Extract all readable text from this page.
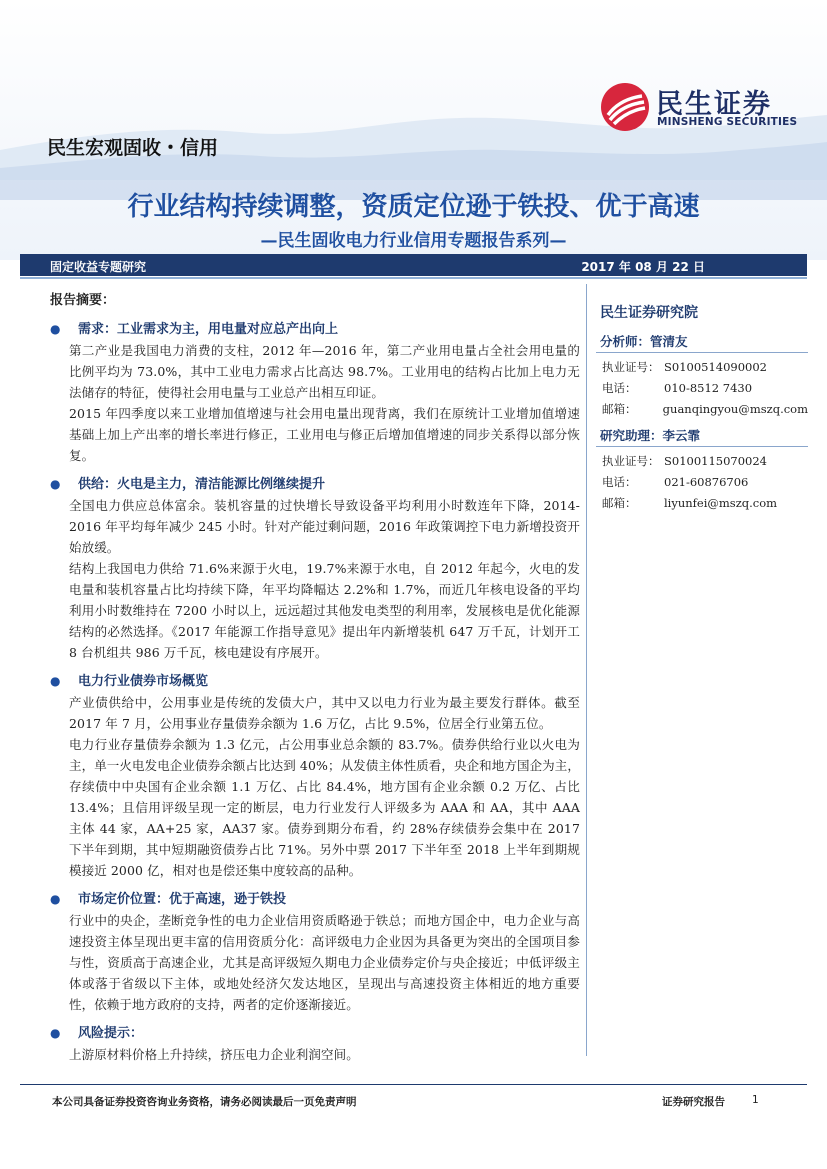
民生证券
MINSHENG SECURITIES
民生宏观固收・信用
行业结构持续调整，资质定位逊于铁投、优于高速
—民生固收电力行业信用专题报告系列—
固定收益专题研究	2017 年 08 月 22 日
报告摘要：
● 需求：工业需求为主，用电量对应总产出向上
第二产业是我国电力消费的支柱，2012 年—2016 年，第二产业用电量占全社会用电量的比例平均为 73.0%，其中工业电力需求占比高达 98.7%。工业用电的结构占比加上电力无法储存的特征，使得社会用电量与工业总产出相互印证。
2015 年四季度以来工业增加值增速与社会用电量出现背离，我们在原统计工业增加值增速基础上加上产出率的增长率进行修正，工业用电与修正后增加值增速的同步关系得以部分恢复。
● 供给：火电是主力，清洁能源比例继续提升
全国电力供应总体富余。装机容量的过快增长导致设备平均利用小时数连年下降，2014-2016 年平均每年减少 245 小时。针对产能过剩问题，2016 年政策调控下电力新增投资开始放缓。
结构上我国电力供给 71.6%来源于火电，19.7%来源于水电，自 2012 年起今，火电的发电量和装机容量占比均持续下降，年平均降幅达 2.2%和 1.7%，而近几年核电设备的平均利用小时数维持在 7200 小时以上，远远超过其他发电类型的利用率，发展核电是优化能源结构的必然选择。《2017 年能源工作指导意见》提出年内新增装机 647 万千瓦，计划开工 8 台机组共 986 万千瓦，核电建设有序展开。
● 电力行业债券市场概览
产业债供给中，公用事业是传统的发债大户，其中又以电力行业为最主要发行群体。截至 2017 年 7 月，公用事业存量债券余额为 1.6 万亿，占比 9.5%，位居全行业第五位。
电力行业存量债券余额为 1.3 亿元，占公用事业总余额的 83.7%。债券供给行业以火电为主，单一火电发电企业债券余额占比达到 40%；从发债主体性质看，央企和地方国企为主，存续债中中央国有企业余额 1.1 万亿、占比 84.4%，地方国有企业余额 0.2 万亿、占比 13.4%；且信用评级呈现一定的断层，电力行业发行人评级多为 AAA 和 AA，其中 AAA 主体 44 家，AA+25 家，AA37 家。债券到期分布看，约 28%存续债券会集中在 2017 下半年到期，其中短期融资债券占比 71%。另外中票 2017 下半年至 2018 上半年到期规模接近 2000 亿，相对也是偿还集中度较高的品种。
● 市场定价位置：优于高速，逊于铁投
行业中的央企，垄断竞争性的电力企业信用资质略逊于铁总；而地方国企中，电力企业与高速投资主体呈现出更丰富的信用资质分化：高评级电力企业因为具备更为突出的全国项目参与性，资质高于高速企业，尤其是高评级短久期电力企业债券定价与央企接近；中低评级主体或落于省级以下主体，或地处经济欠发达地区，呈现出与高速投资主体相近的地方重要性，依赖于地方政府的支持，两者的定价逐渐接近。
● 风险提示：
上游原材料价格上升持续，挤压电力企业利润空间。
民生证券研究院
分析师：管清友
执业证号： S0100514090002
电话：	010-8512 7430
邮箱：	guanqingyou@mszq.com
研究助理：李云霏
执业证号： S0100115070024
电话：	021-60876706
邮箱：	liyunfei@mszq.com
本公司具备证券投资咨询业务资格，请务必阅读最后一页免责声明	证券研究报告	1
